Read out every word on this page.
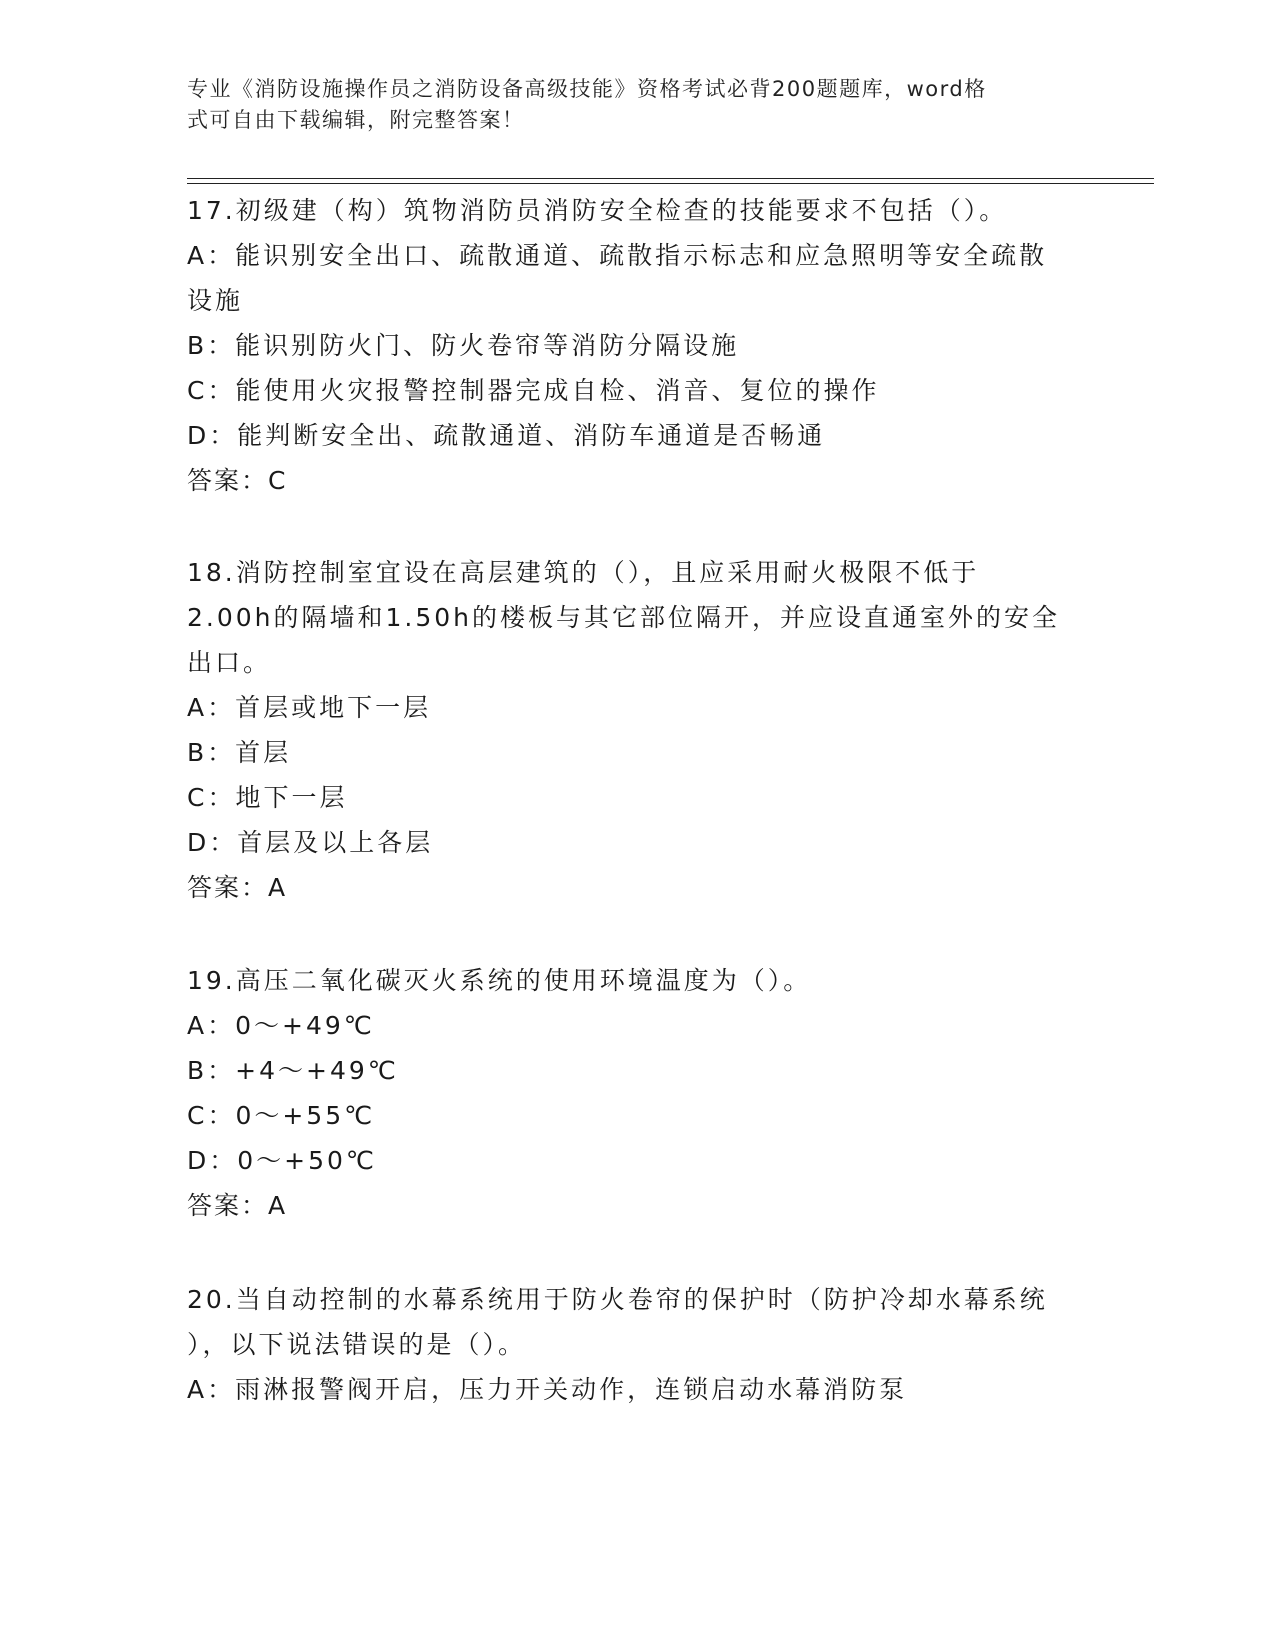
专业《消防设施操作员之消防设备高级技能》资格考试必背200题题库，word格
式可自由下载编辑，附完整答案！
17.初级建（构）筑物消防员消防安全检查的技能要求不包括（）。
A：能识别安全出口、疏散通道、疏散指示标志和应急照明等安全疏散
设施
B：能识别防火门、防火卷帘等消防分隔设施
C：能使用火灾报警控制器完成自检、消音、复位的操作
D：能判断安全出、疏散通道、消防车通道是否畅通
答案：C
18.消防控制室宜设在高层建筑的（），且应采用耐火极限不低于
2.00h的隔墙和1.50h的楼板与其它部位隔开，并应设直通室外的安全
出口。
A：首层或地下一层
B：首层
C：地下一层
D：首层及以上各层
答案：A
19.高压二氧化碳灭火系统的使用环境温度为（）。
A：0～+49℃
B：+4～+49℃
C：0～+55℃
D：0～+50℃
答案：A
20.当自动控制的水幕系统用于防火卷帘的保护时（防护冷却水幕系统
），以下说法错误的是（）。
A：雨淋报警阀开启，压力开关动作，连锁启动水幕消防泵
